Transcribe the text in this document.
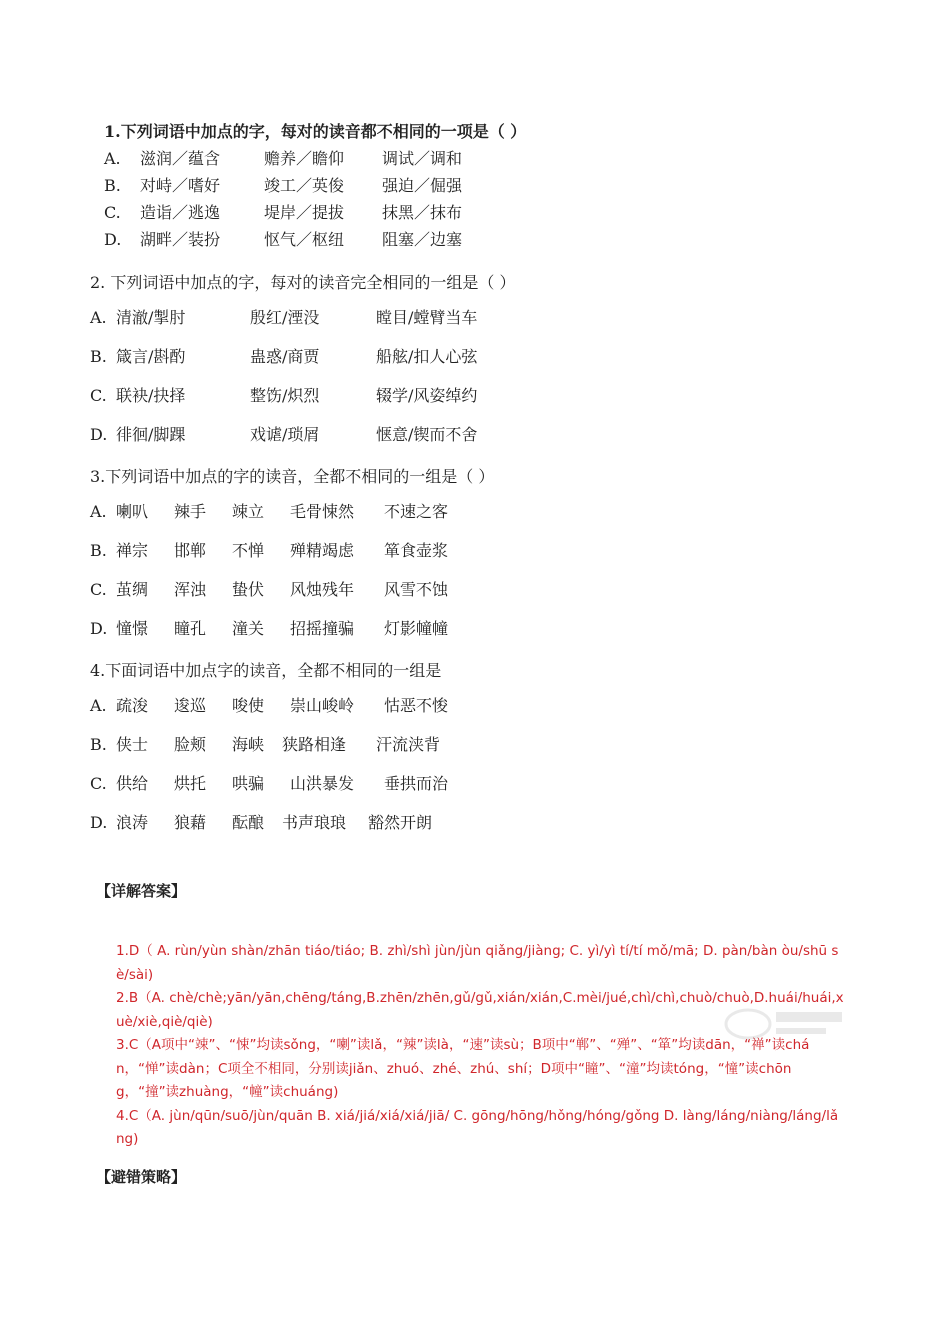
1.下列词语中加点的字，每对的读音都不相同的一项是（ ）
A.	滋润／蕴含	赡养／瞻仰	调试／调和
B.	对峙／嗜好	竣工／英俊	强迫／倔强
C.	造诣／逃逸	堤岸／提拔	抹黑／抹布
D.	湖畔／装扮	怄气／枢纽	阻塞／边塞
2. 下列词语中加点的字，每对的读音完全相同的一组是（ ）
A. 清澈/掣肘	殷红/湮没	瞠目/螳臂当车
B. 箴言/斟酌	蛊惑/商贾	船舷/扣人心弦
C. 联袂/抉择	整饬/炽烈	辍学/风姿绰约
D. 徘徊/脚踝	戏谑/琐屑	惬意/锲而不舍
3.下列词语中加点的字的读音，全都不相同的一组是（ ）
A. 喇叭	辣手	竦立	毛骨悚然	不速之客
B. 禅宗	邯郸	不惮	殚精竭虑	箪食壶浆
C. 茧绸	浑浊	蛰伏	风烛残年	风雪不蚀
D. 憧憬	瞳孔	潼关	招摇撞骗	灯影幢幢
4.下面词语中加点字的读音，全都不相同的一组是
A. 疏浚	逡巡	唆使	崇山峻岭	怙恶不悛
B. 侠士	脸颊	海峡	狭路相逢	汗流浃背
C. 供给	烘托	哄骗	山洪暴发	垂拱而治
D. 浪涛	狼藉	酝酿	书声琅琅	豁然开朗
【详解答案】
1.D（ A. rùn/yùn shàn/zhān tiáo/tiáo; B. zhì/shì jùn/jùn qiǎng/jiàng; C. yì/yì tí/tí mǒ/mā; D. pàn/bàn òu/shū sè/sài)
2.B（A. chè/chè;yān/yān,chēng/táng,B.zhēn/zhēn,gǔ/gǔ,xián/xián,C.mèi/jué,chì/chì,chuò/chuò,D.huái/huái,xuè/xiè,qiè/qiè)
3.C（A项中“竦”、“悚”均读sǒng，“喇”读lǎ，“辣”读là，“速”读sù；B项中“郸”、“殚”、“箪”均读dān，“禅”读chán，“惮”读dàn；C项全不相同，分别读jiǎn、zhuó、zhé、zhú、shí；D项中“瞳”、“潼”均读tóng，“憧”读chōng，“撞”读zhuàng，“幢”读chuáng)
4.C（A. jùn/qūn/suō/jùn/quān B. xiá/jiá/xiá/xiá/jiā/ C. gōng/hōng/hǒng/hóng/gǒng D. làng/láng/niàng/láng/lǎng)
【避错策略】
